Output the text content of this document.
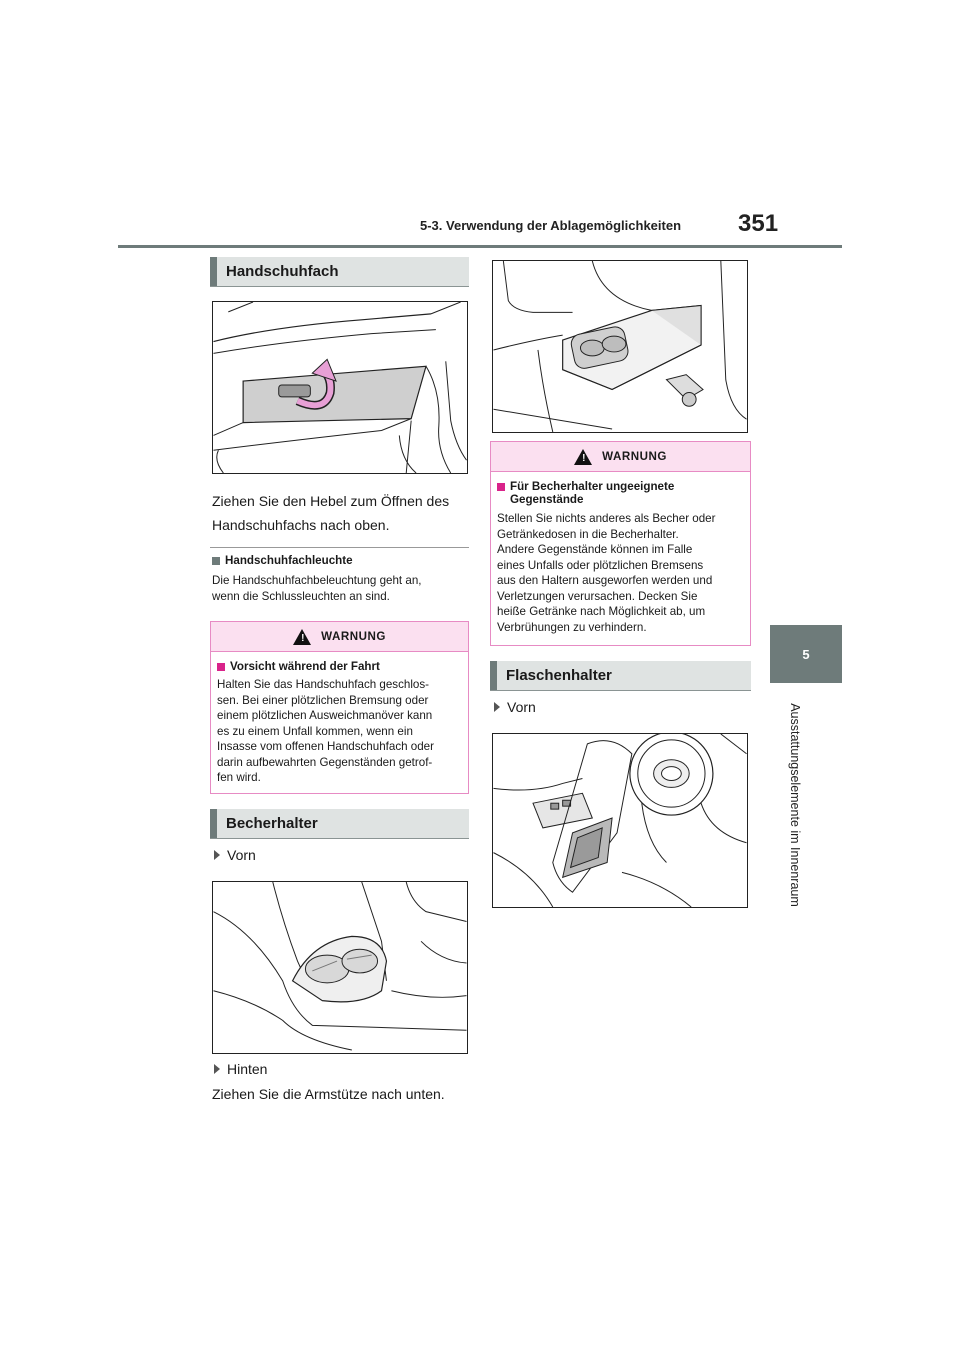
5-3. Verwendung der Ablagemöglichkeiten 351
5
Ausstattungselemente im Innenraum
Handschuhfach
Ziehen Sie den Hebel zum Öffnen des
Handschuhfachs nach oben.
Handschuhfachleuchte
Die Handschuhfachbeleuchtung geht an,
wenn die Schlussleuchten an sind.
! WARNUNG
Vorsicht während der Fahrt
Halten Sie das Handschuhfach geschlos-
sen. Bei einer plötzlichen Bremsung oder
einem plötzlichen Ausweichmanöver kann
es zu einem Unfall kommen, wenn ein
Insasse vom offenen Handschuhfach oder
darin aufbewahrten Gegenständen getrof-
fen wird.
Becherhalter
Vorn
Hinten
Ziehen Sie die Armstütze nach unten.
! WARNUNG
Für Becherhalter ungeeignete
Gegenstände
Stellen Sie nichts anderes als Becher oder
Getränkedosen in die Becherhalter.
Andere Gegenstände können im Falle
eines Unfalls oder plötzlichen Bremsens
aus den Haltern ausgeworfen werden und
Verletzungen verursachen. Decken Sie
heiße Getränke nach Möglichkeit ab, um
Verbrühungen zu verhindern.
Flaschenhalter
Vorn
